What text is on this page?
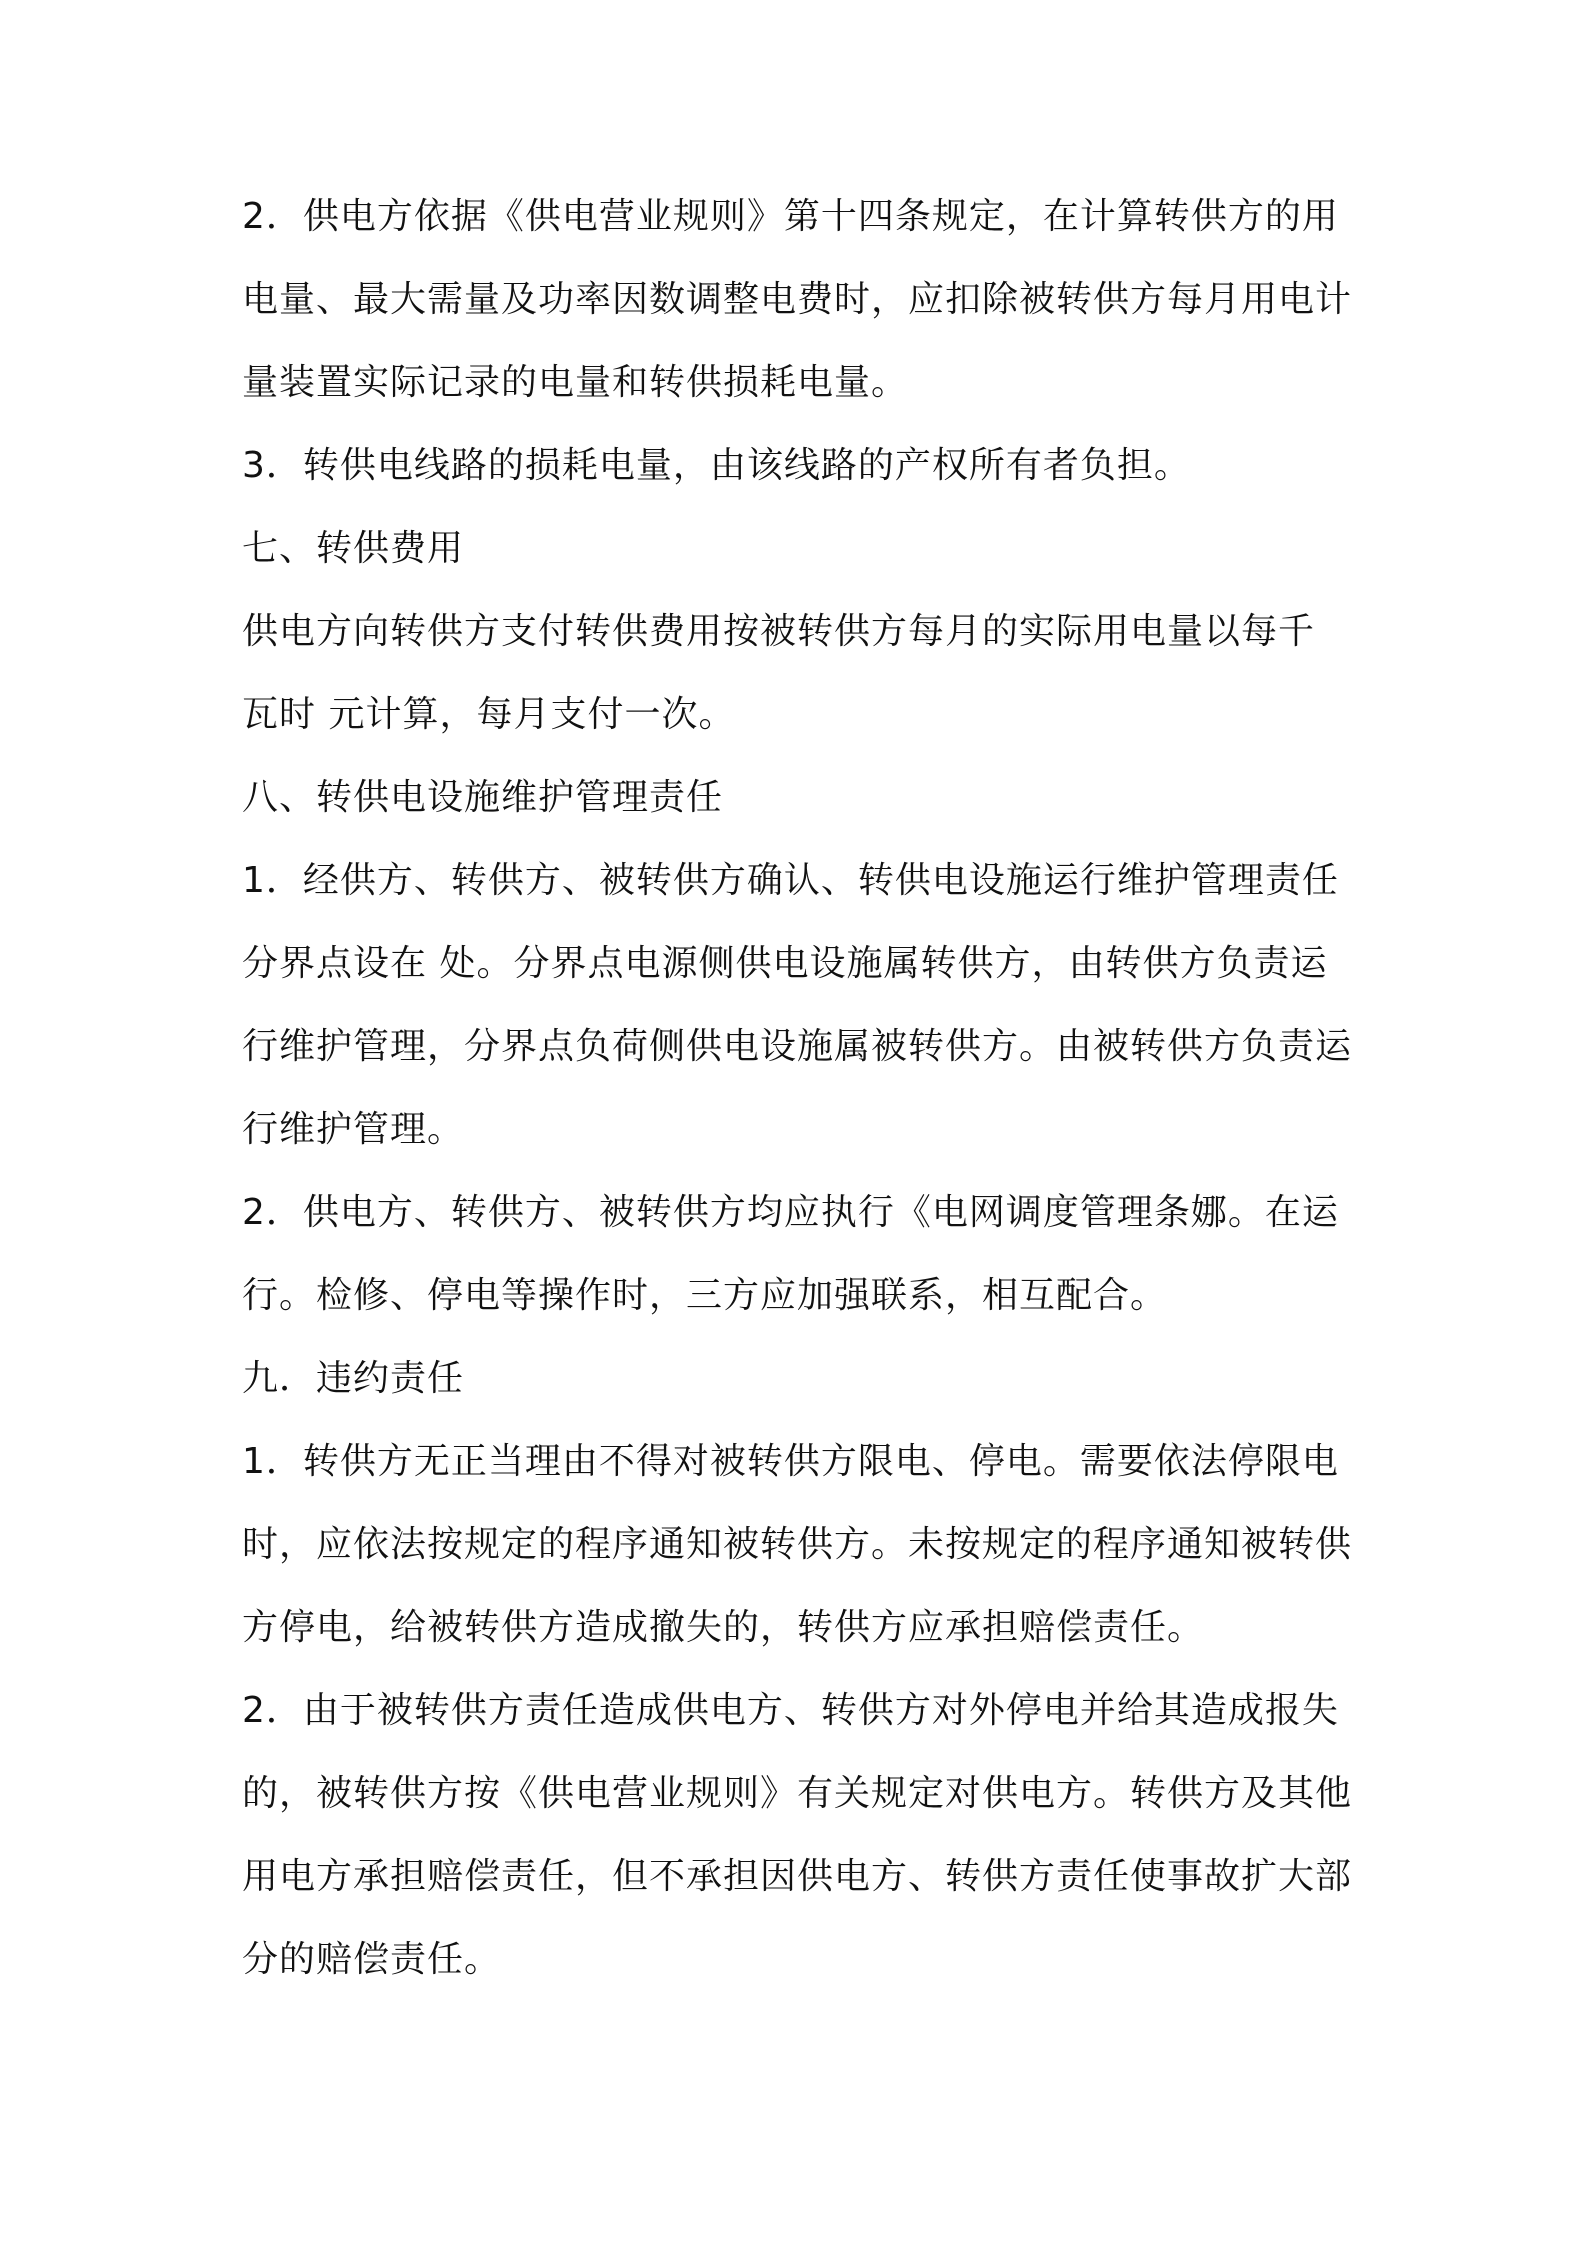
2．供电方依据《供电营业规则》第十四条规定，在计算转供方的用
电量、最大需量及功率因数调整电费时，应扣除被转供方每月用电计
量装置实际记录的电量和转供损耗电量。
3．转供电线路的损耗电量，由该线路的产权所有者负担。
七、转供费用
供电方向转供方支付转供费用按被转供方每月的实际用电量以每千
瓦时 元计算，每月支付一次。
八、转供电设施维护管理责任
1．经供方、转供方、被转供方确认、转供电设施运行维护管理责任
分界点设在 处。分界点电源侧供电设施属转供方，由转供方负责运
行维护管理，分界点负荷侧供电设施属被转供方。由被转供方负责运
行维护管理。
2．供电方、转供方、被转供方均应执行《电网调度管理条娜。在运
行。检修、停电等操作时，三方应加强联系，相互配合。
九．违约责任
1．转供方无正当理由不得对被转供方限电、停电。需要依法停限电
时，应依法按规定的程序通知被转供方。未按规定的程序通知被转供
方停电，给被转供方造成撤失的，转供方应承担赔偿责任。
2．由于被转供方责任造成供电方、转供方对外停电并给其造成报失
的，被转供方按《供电营业规则》有关规定对供电方。转供方及其他
用电方承担赔偿责任，但不承担因供电方、转供方责任使事故扩大部
分的赔偿责任。
